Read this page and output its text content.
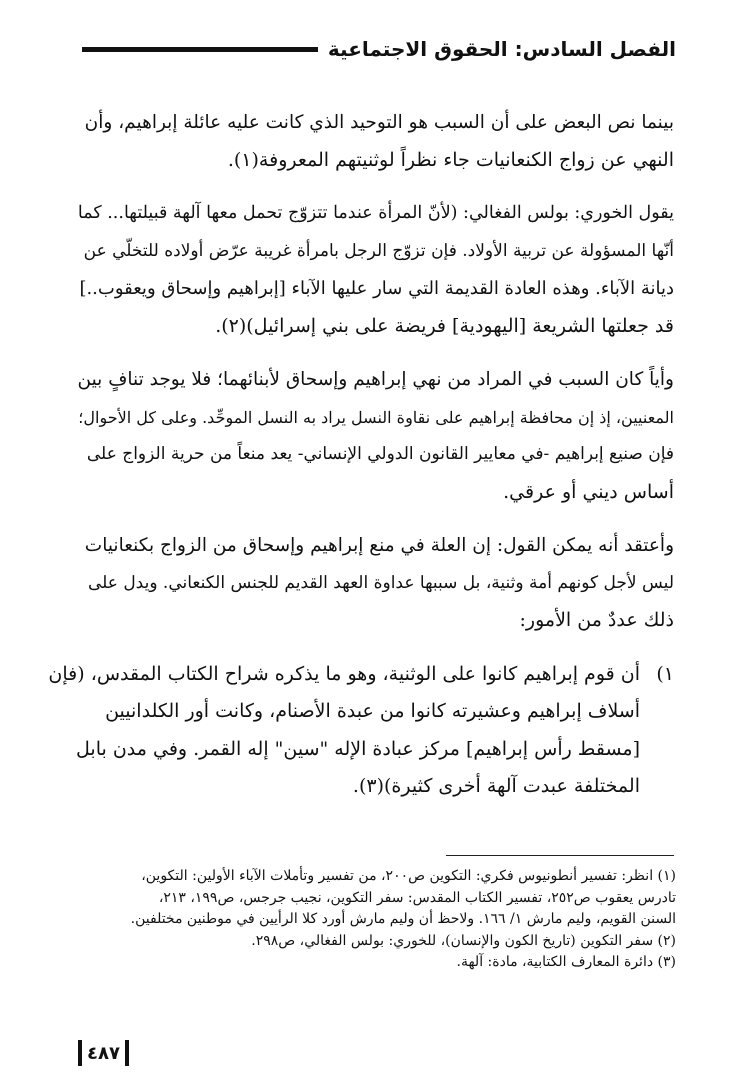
الفصل السادس: الحقوق الاجتماعية

بينما نص البعض على أن السبب هو التوحيد الذي كانت عليه عائلة إبراهيم، وأن
النهي عن زواج الكنعانيات جاء نظراً لوثنيتهم المعروفة(١).

يقول الخوري: بولس الفغالي: (لأنّ المرأة عندما تتزوّج تحمل معها آلهة قبيلتها... كما
أنّها المسؤولة عن تربية الأولاد. فإن تزوّج الرجل بامرأة غريبة عرّض أولاده للتخلّي عن
ديانة الآباء. وهذه العادة القديمة التي سار عليها الآباء [إبراهيم وإسحاق ويعقوب..]
قد جعلتها الشريعة [اليهودية] فريضة على بني إسرائيل)(٢).

وأياً كان السبب في المراد من نهي إبراهيم وإسحاق لأبنائهما؛ فلا يوجد تنافٍ بين
المعنيين، إذ إن محافظة إبراهيم على نقاوة النسل يراد به النسل الموحِّد. وعلى كل الأحوال؛
فإن صنيع إبراهيم -في معايير القانون الدولي الإنساني- يعد منعاً من حرية الزواج على
أساس ديني أو عرقي.

وأعتقد أنه يمكن القول: إن العلة في منع إبراهيم وإسحاق من الزواج بكنعانيات
ليس لأجل كونهم أمة وثنية، بل سببها عداوة العهد القديم للجنس الكنعاني. ويدل على
ذلك عددٌ من الأمور:

١)
أن قوم إبراهيم كانوا على الوثنية، وهو ما يذكره شراح الكتاب المقدس، (فإن
أسلاف إبراهيم وعشيرته كانوا من عبدة الأصنام، وكانت أور الكلدانيين
[مسقط رأس إبراهيم] مركز عبادة الإله "سين" إله القمر. وفي مدن بابل
المختلفة عبدت آلهة أخرى كثيرة)(٣).
(١) انظر: تفسير أنطونيوس فكري: التكوين ص٢٠٠، من تفسير وتأملات الآباء الأولين: التكوين،
تادرس يعقوب ص٢٥٢، تفسير الكتاب المقدس: سفر التكوين، نجيب جرجس، ص١٩٩، ٢١٣،
السنن القويم، وليم مارش ١/ ١٦٦. ولاحظ أن وليم مارش أورد كلا الرأيين في موطنين مختلفين.
(٢) سفر التكوين (تاريخ الكون والإنسان)، للخوري: بولس الفغالي، ص٢٩٨.
(٣) دائرة المعارف الكتابية، مادة: آلهة.
٤٨٧
